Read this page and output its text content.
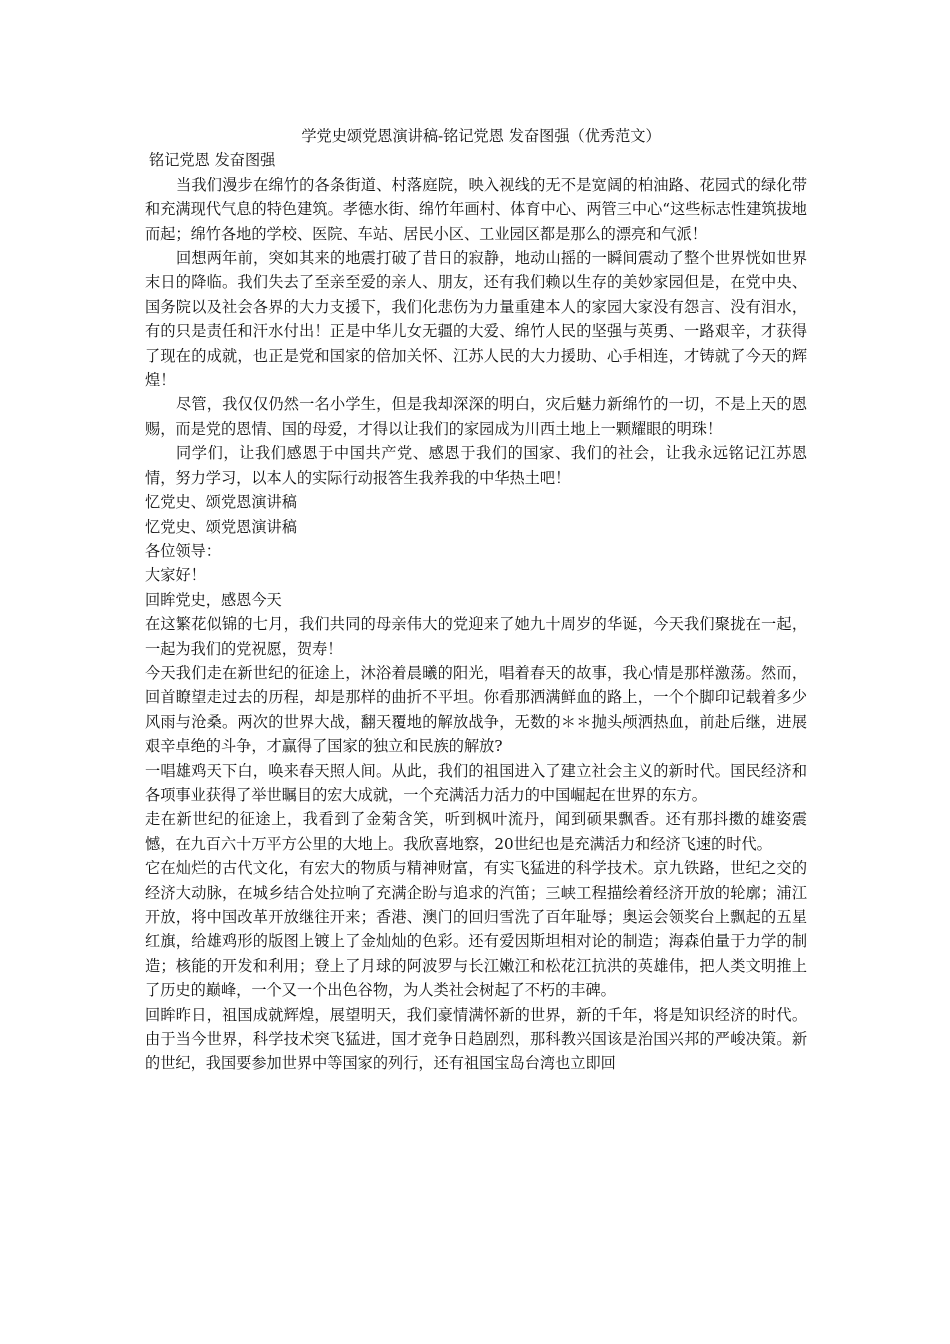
学党史颂党恩演讲稿-铭记党恩 发奋图强（优秀范文）

铭记党恩 发奋图强

当我们漫步在绵竹的各条街道、村落庭院，映入视线的无不是宽阔的柏油路、花园式的绿化带和充满现代气息的特色建筑。孝德水街、绵竹年画村、体育中心、两管三中心“这些标志性建筑拔地而起；绵竹各地的学校、医院、车站、居民小区、工业园区都是那么的漂亮和气派！

回想两年前，突如其来的地震打破了昔日的寂静，地动山摇的一瞬间震动了整个世界恍如世界末日的降临。我们失去了至亲至爱的亲人、朋友，还有我们赖以生存的美妙家园但是，在党中央、国务院以及社会各界的大力支援下，我们化悲伤为力量重建本人的家园大家没有怨言、没有泪水，有的只是责任和汗水付出！正是中华儿女无疆的大爱、绵竹人民的坚强与英勇、一路艰辛，才获得了现在的成就，也正是党和国家的倍加关怀、江苏人民的大力援助、心手相连，才铸就了今天的辉煌！

尽管，我仅仅仍然一名小学生，但是我却深深的明白，灾后魅力新绵竹的一切，不是上天的恩赐，而是党的恩情、国的母爱，才得以让我们的家园成为川西土地上一颗耀眼的明珠！

同学们，让我们感恩于中国共产党、感恩于我们的国家、我们的社会，让我永远铭记江苏恩情，努力学习，以本人的实际行动报答生我养我的中华热土吧！

忆党史、颂党恩演讲稿

忆党史、颂党恩演讲稿

各位领导：

大家好！

回眸党史，感恩今天

在这繁花似锦的七月，我们共同的母亲伟大的党迎来了她九十周岁的华诞，今天我们聚拢在一起，一起为我们的党祝愿，贺寿！

今天我们走在新世纪的征途上，沐浴着晨曦的阳光，唱着春天的故事，我心情是那样激荡。然而，回首瞭望走过去的历程，却是那样的曲折不平坦。你看那洒满鲜血的路上，一个个脚印记载着多少风雨与沧桑。两次的世界大战，翻天覆地的解放战争，无数的＊＊抛头颅洒热血，前赴后继，进展艰辛卓绝的斗争，才赢得了国家的独立和民族的解放?

一唱雄鸡天下白，唤来春天照人间。从此，我们的祖国进入了建立社会主义的新时代。国民经济和各项事业获得了举世瞩目的宏大成就，一个充满活力活力的中国崛起在世界的东方。

走在新世纪的征途上，我看到了金菊含笑，听到枫叶流丹，闻到硕果飘香。还有那抖擞的雄姿震憾，在九百六十万平方公里的大地上。我欣喜地察，20世纪也是充满活力和经济飞速的时代。

它在灿烂的古代文化，有宏大的物质与精神财富，有实飞猛进的科学技术。京九铁路，世纪之交的经济大动脉，在城乡结合处拉响了充满企盼与追求的汽笛；三峡工程描绘着经济开放的轮廓；浦江开放，将中国改革开放继往开来；香港、澳门的回归雪洗了百年耻辱；奥运会领奖台上飘起的五星红旗，给雄鸡形的版图上镀上了金灿灿的色彩。还有爱因斯坦相对论的制造；海森伯量于力学的制造；核能的开发和利用；登上了月球的阿波罗与长江嫩江和松花江抗洪的英雄伟，把人类文明推上了历史的巅峰，一个又一个出色谷物，为人类社会树起了不朽的丰碑。

回眸昨日，祖国成就辉煌，展望明天，我们豪情满怀新的世界，新的千年，将是知识经济的时代。由于当今世界，科学技术突飞猛进，国才竞争日趋剧烈，那科教兴国该是治国兴邦的严峻决策。新的世纪，我国要参加世界中等国家的列行，还有祖国宝岛台湾也立即回
